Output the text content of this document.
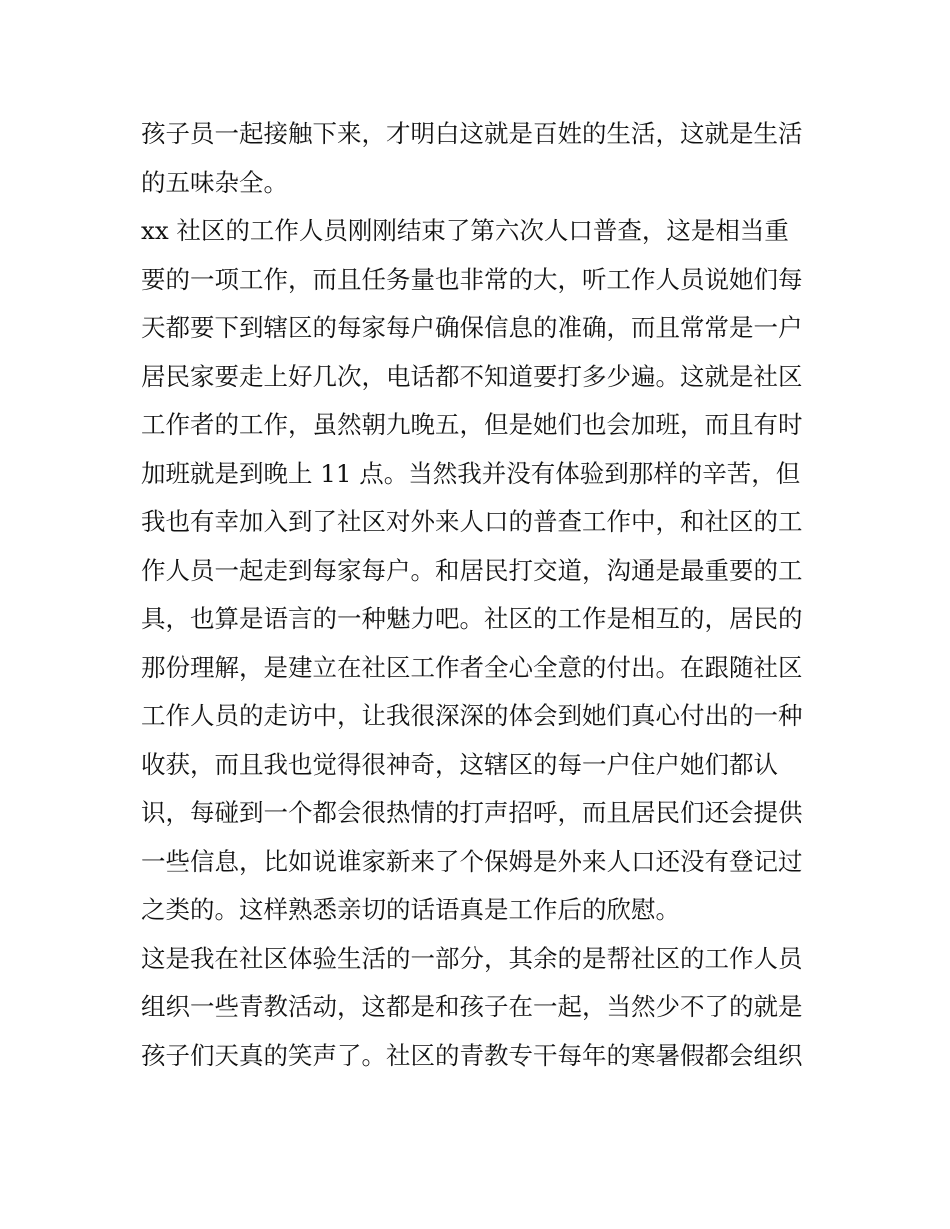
孩子员一起接触下来，才明白这就是百姓的生活，这就是生活
的五味杂全。
xx 社区的工作人员刚刚结束了第六次人口普查，这是相当重
要的一项工作，而且任务量也非常的大，听工作人员说她们每
天都要下到辖区的每家每户确保信息的准确，而且常常是一户
居民家要走上好几次，电话都不知道要打多少遍。这就是社区
工作者的工作，虽然朝九晚五，但是她们也会加班，而且有时
加班就是到晚上 11 点。当然我并没有体验到那样的辛苦，但
我也有幸加入到了社区对外来人口的普查工作中，和社区的工
作人员一起走到每家每户。和居民打交道，沟通是最重要的工
具，也算是语言的一种魅力吧。社区的工作是相互的，居民的
那份理解，是建立在社区工作者全心全意的付出。在跟随社区
工作人员的走访中，让我很深深的体会到她们真心付出的一种
收获，而且我也觉得很神奇，这辖区的每一户住户她们都认
识，每碰到一个都会很热情的打声招呼，而且居民们还会提供
一些信息，比如说谁家新来了个保姆是外来人口还没有登记过
之类的。这样熟悉亲切的话语真是工作后的欣慰。
这是我在社区体验生活的一部分，其余的是帮社区的工作人员
组织一些青教活动，这都是和孩子在一起，当然少不了的就是
孩子们天真的笑声了。社区的青教专干每年的寒暑假都会组织
